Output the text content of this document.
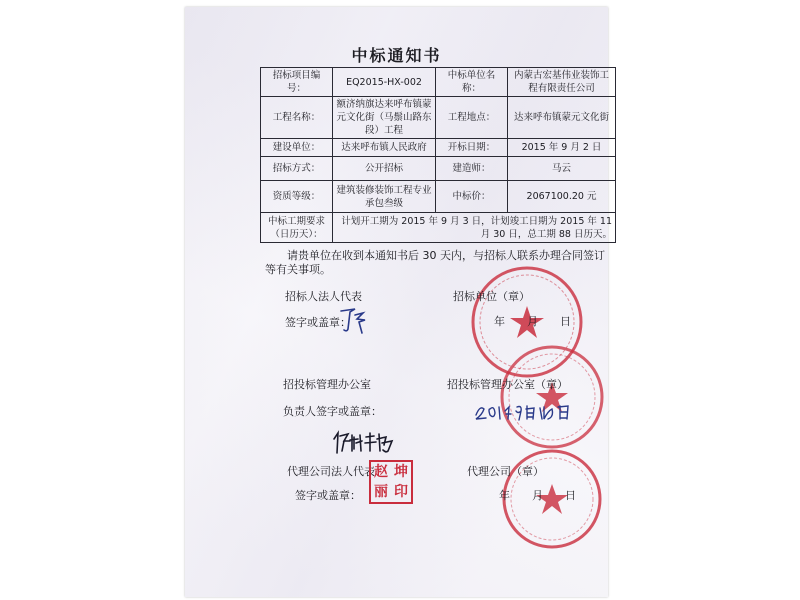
中标通知书
招标项目编号：	EQ2015-HX-002	中标单位名称：	内蒙古宏基伟业装饰工程有限责任公司
工程名称：	额济纳旗达来呼布镇蒙元文化街（马鬃山路东段）工程	工程地点：	达来呼布镇蒙元文化街
建设单位：	达来呼布镇人民政府	开标日期：	2015 年 9 月 2 日
招标方式：	公开招标	建造师：	马云
资质等级：	建筑装修装饰工程专业承包叁级	中标价：	2067100.20 元
中标工期要求（日历天）：	计划开工期为 2015 年 9 月 3 日，计划竣工日期为 2015 年 11 月 30 日，总工期 88 日历天。		
请贵单位在收到本通知书后 30 天内，与招标人联系办理合同签订等有关事项。
招标人法人代表	招标单位（章）
签字或盖章：	年　　月　　日
招投标管理办公室	招投标管理办公室（章）
负责人签字或盖章：
代理公司法人代表	代理公司（章）
签字或盖章：	年　　月　　日
赵 坤
丽 印
